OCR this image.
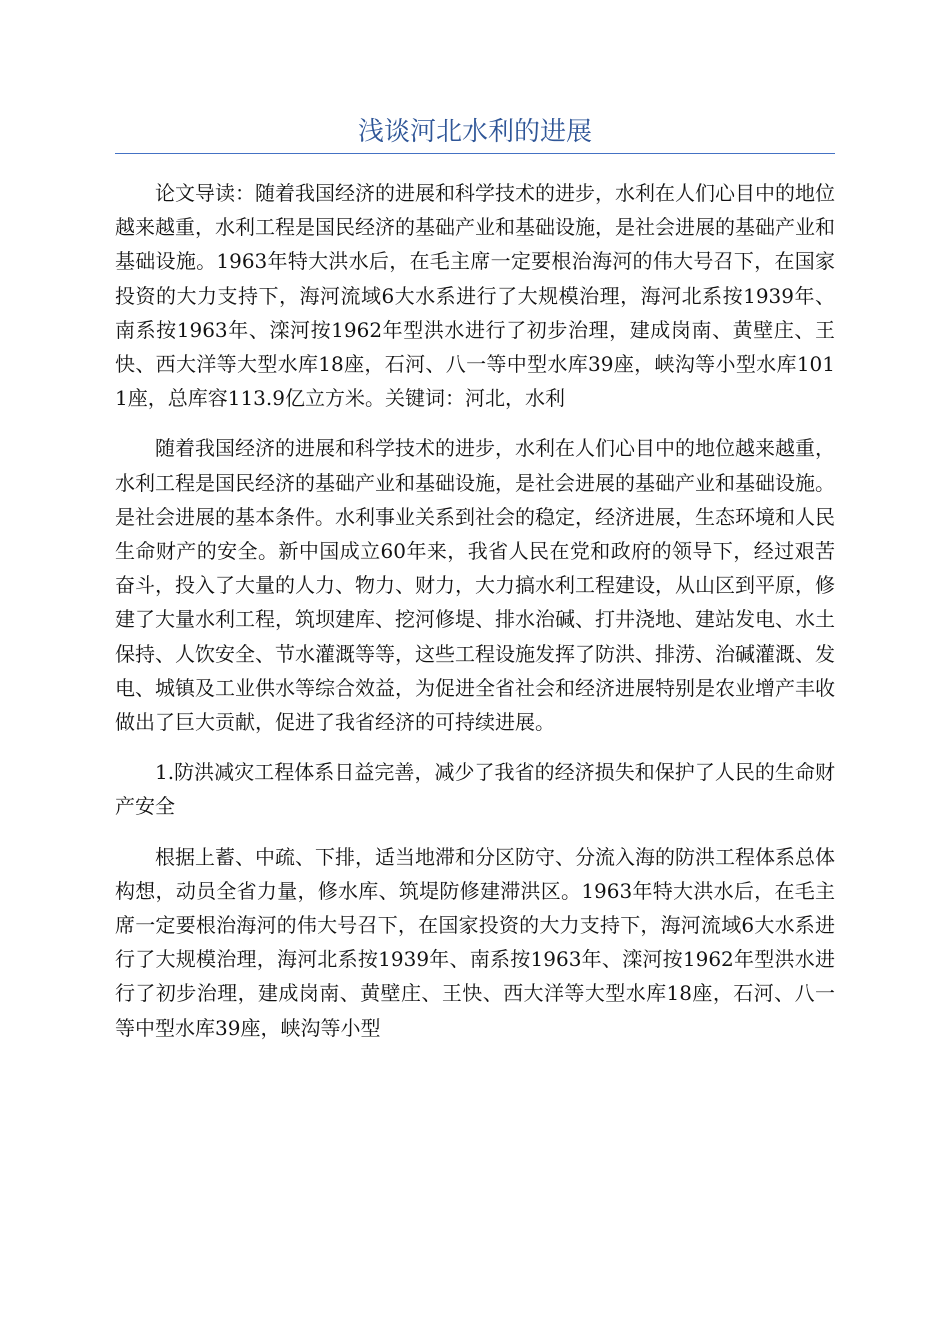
浅谈河北水利的进展

论文导读：随着我国经济的进展和科学技术的进步，水利在人们心目中的地位越来越重，水利工程是国民经济的基础产业和基础设施，是社会进展的基础产业和基础设施。1963年特大洪水后，在毛主席一定要根治海河的伟大号召下，在国家投资的大力支持下，海河流域6大水系进行了大规模治理，海河北系按1939年、南系按1963年、滦河按1962年型洪水进行了初步治理，建成岗南、黄壁庄、王快、西大洋等大型水库18座，石河、八一等中型水库39座，峡沟等小型水库1011座，总库容113.9亿立方米。关键词：河北，水利

随着我国经济的进展和科学技术的进步，水利在人们心目中的地位越来越重，水利工程是国民经济的基础产业和基础设施，是社会进展的基础产业和基础设施。是社会进展的基本条件。水利事业关系到社会的稳定，经济进展，生态环境和人民生命财产的安全。新中国成立60年来，我省人民在党和政府的领导下，经过艰苦奋斗，投入了大量的人力、物力、财力，大力搞水利工程建设，从山区到平原，修建了大量水利工程，筑坝建库、挖河修堤、排水治碱、打井浇地、建站发电、水土保持、人饮安全、节水灌溉等等，这些工程设施发挥了防洪、排涝、治碱灌溉、发电、城镇及工业供水等综合效益，为促进全省社会和经济进展特别是农业增产丰收做出了巨大贡献，促进了我省经济的可持续进展。

1.防洪减灾工程体系日益完善，减少了我省的经济损失和保护了人民的生命财产安全

根据上蓄、中疏、下排，适当地滞和分区防守、分流入海的防洪工程体系总体构想，动员全省力量，修水库、筑堤防修建滞洪区。1963年特大洪水后，在毛主席一定要根治海河的伟大号召下，在国家投资的大力支持下，海河流域6大水系进行了大规模治理，海河北系按1939年、南系按1963年、滦河按1962年型洪水进行了初步治理，建成岗南、黄壁庄、王快、西大洋等大型水库18座，石河、八一等中型水库39座，峡沟等小型
